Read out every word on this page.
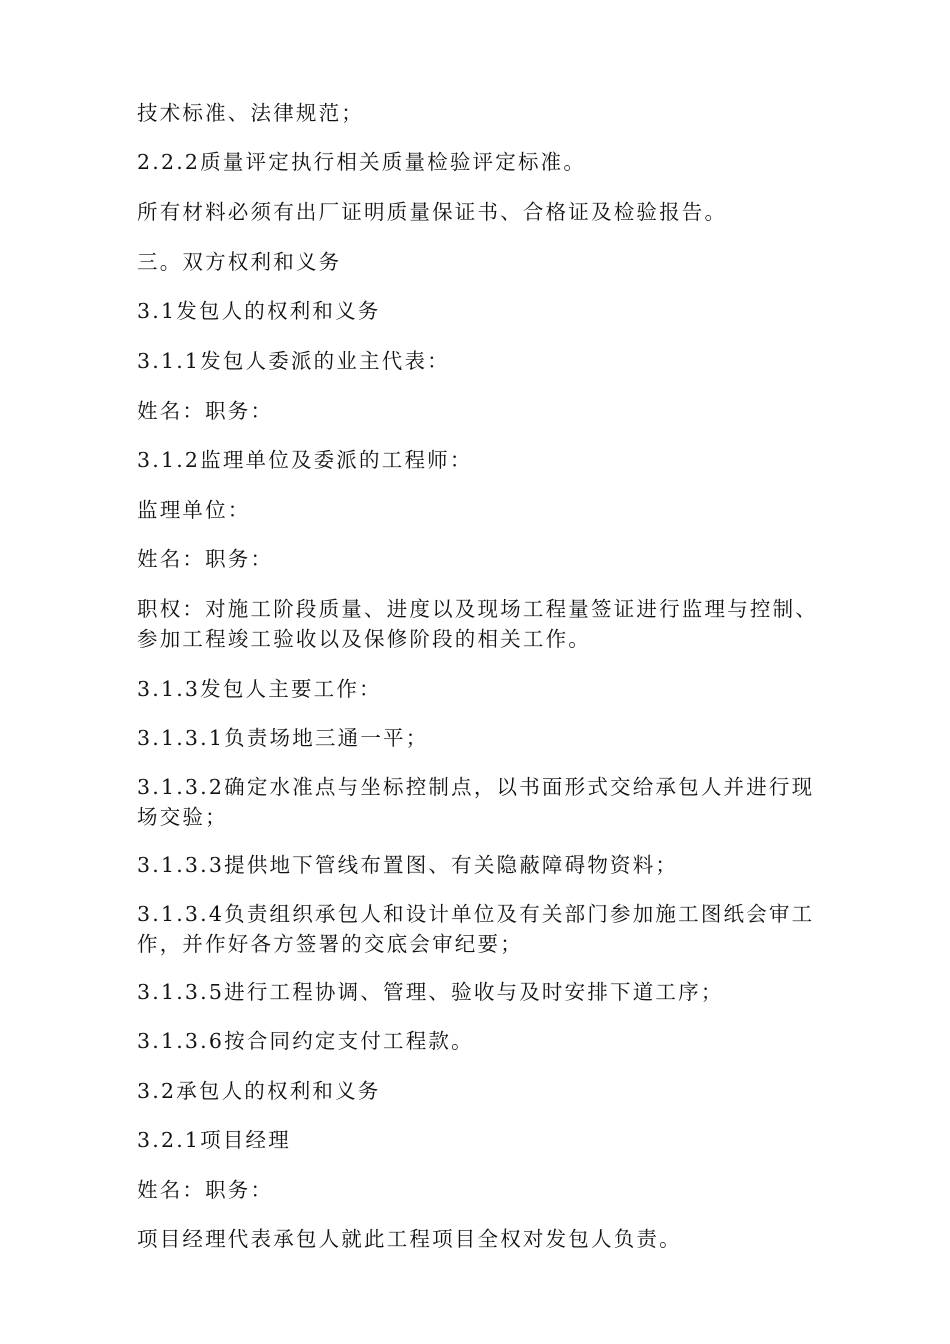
技术标准、法律规范；

2.2.2质量评定执行相关质量检验评定标准。

所有材料必须有出厂证明质量保证书、合格证及检验报告。

三。双方权利和义务

3.1发包人的权利和义务

3.1.1发包人委派的业主代表：

姓名：职务：

3.1.2监理单位及委派的工程师：

监理单位：

姓名：职务：

职权：对施工阶段质量、进度以及现场工程量签证进行监理与控制、参加工程竣工验收以及保修阶段的相关工作。

3.1.3发包人主要工作：

3.1.3.1负责场地三通一平；

3.1.3.2确定水准点与坐标控制点，以书面形式交给承包人并进行现场交验；

3.1.3.3提供地下管线布置图、有关隐蔽障碍物资料；

3.1.3.4负责组织承包人和设计单位及有关部门参加施工图纸会审工作，并作好各方签署的交底会审纪要；

3.1.3.5进行工程协调、管理、验收与及时安排下道工序；

3.1.3.6按合同约定支付工程款。

3.2承包人的权利和义务

3.2.1项目经理

姓名：职务：

项目经理代表承包人就此工程项目全权对发包人负责。
